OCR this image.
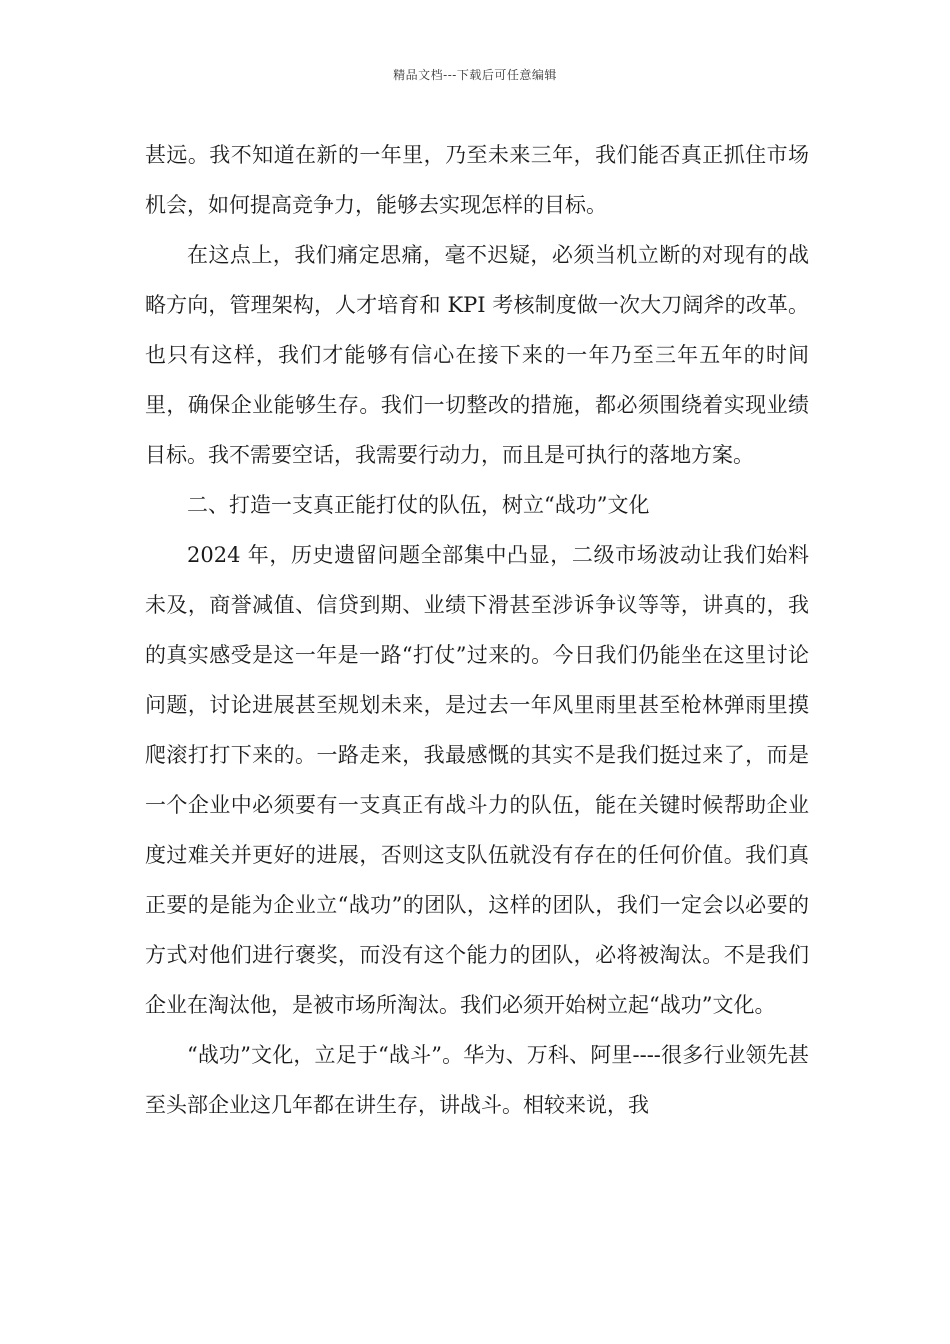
精品文档---下载后可任意编辑

甚远。我不知道在新的一年里，乃至未来三年，我们能否真正抓住市场机会，如何提高竞争力，能够去实现怎样的目标。

在这点上，我们痛定思痛，毫不迟疑，必须当机立断的对现有的战略方向，管理架构，人才培育和 KPI 考核制度做一次大刀阔斧的改革。也只有这样，我们才能够有信心在接下来的一年乃至三年五年的时间里，确保企业能够生存。我们一切整改的措施，都必须围绕着实现业绩目标。我不需要空话，我需要行动力，而且是可执行的落地方案。

二、打造一支真正能打仗的队伍，树立“战功”文化

2024 年，历史遗留问题全部集中凸显，二级市场波动让我们始料未及，商誉减值、信贷到期、业绩下滑甚至涉诉争议等等，讲真的，我的真实感受是这一年是一路“打仗”过来的。今日我们仍能坐在这里讨论问题，讨论进展甚至规划未来，是过去一年风里雨里甚至枪林弹雨里摸爬滚打打下来的。一路走来，我最感慨的其实不是我们挺过来了，而是一个企业中必须要有一支真正有战斗力的队伍，能在关键时候帮助企业度过难关并更好的进展，否则这支队伍就没有存在的任何价值。我们真正要的是能为企业立“战功”的团队，这样的团队，我们一定会以必要的方式对他们进行褒奖，而没有这个能力的团队，必将被淘汰。不是我们企业在淘汰他，是被市场所淘汰。我们必须开始树立起“战功”文化。

“战功”文化，立足于“战斗”。华为、万科、阿里----很多行业领先甚至头部企业这几年都在讲生存，讲战斗。相较来说，我
